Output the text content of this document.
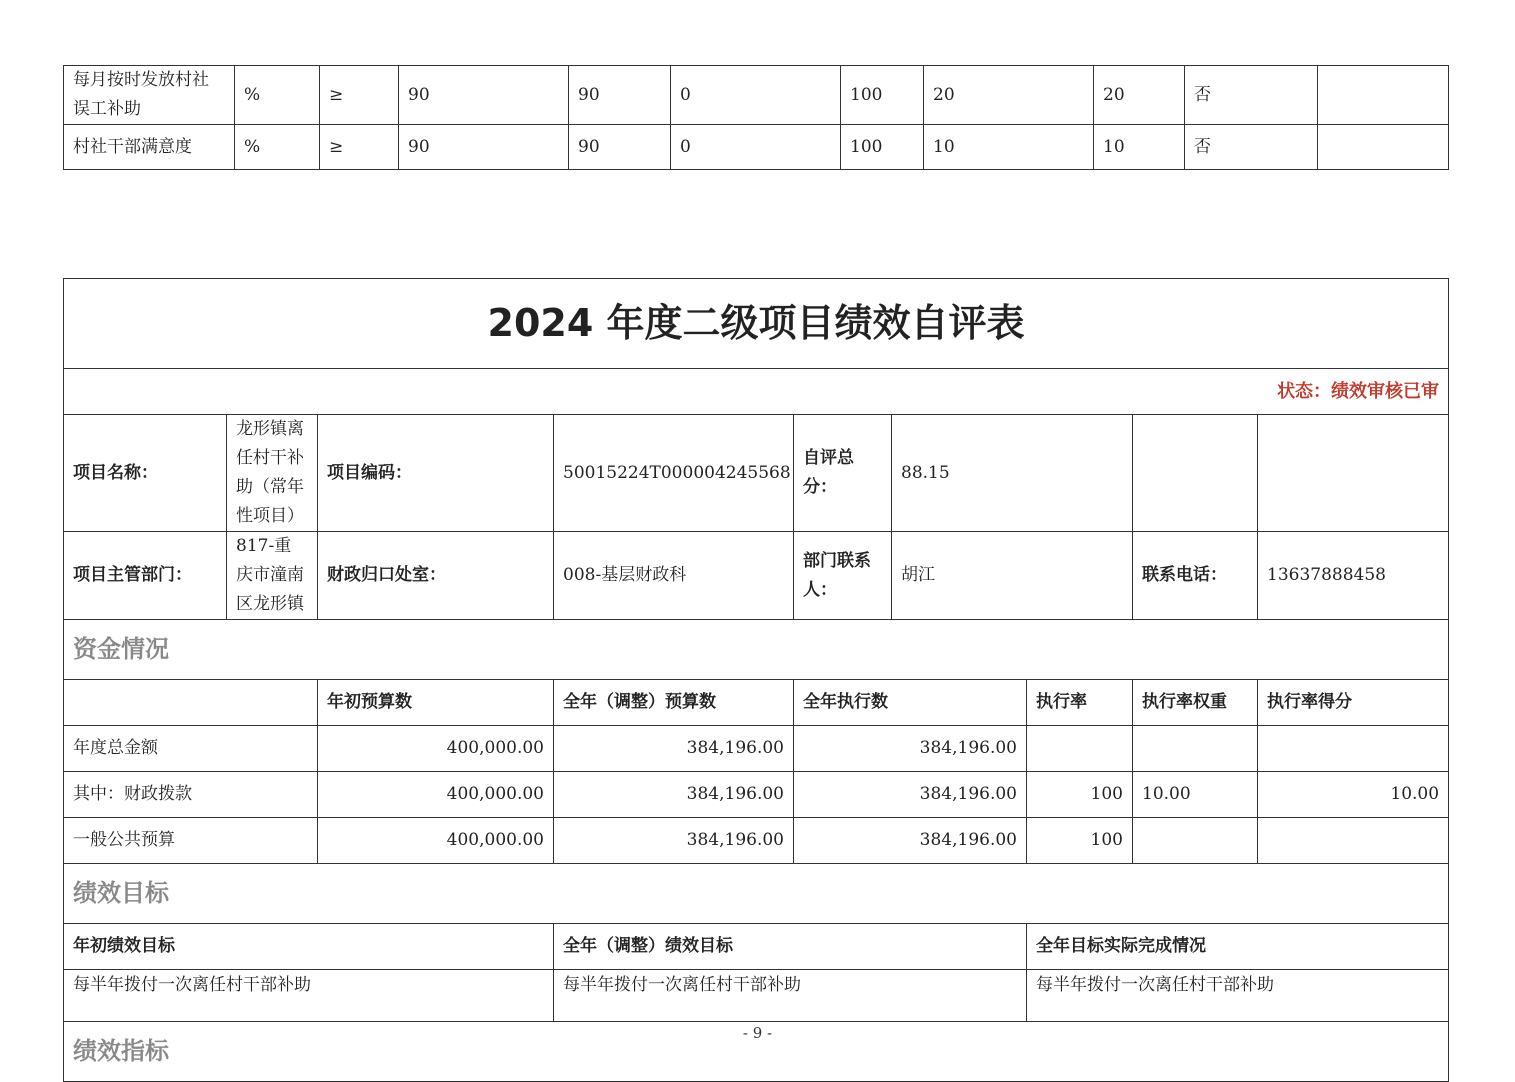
每月按时发放村社误工补助	%	≥	90	90	0	100	20	20	否	
村社干部满意度	%	≥	90	90	0	100	10	10	否	
2024 年度二级项目绩效自评表								
状态：绩效审核已审								
项目名称：	龙形镇离任村干补助（常年性项目）	项目编码：	50015224T000004245568	自评总分：	88.15			
项目主管部门：	817-重庆市潼南区龙形镇	财政归口处室：	008-基层财政科	部门联系人：	胡江		联系电话：	13637888458
资金情况								
		年初预算数	全年（调整）预算数	全年执行数		执行率	执行率权重	执行率得分
年度总金额		400,000.00	384,196.00	384,196.00				
其中：财政拨款		400,000.00	384,196.00	384,196.00		100	10.00	10.00
一般公共预算		400,000.00	384,196.00	384,196.00		100		
绩效目标								
年初绩效目标			全年（调整）绩效目标			全年目标实际完成情况		
每半年拨付一次离任村干部补助			每半年拨付一次离任村干部补助			每半年拨付一次离任村干部补助		
绩效指标								
- 9 -
